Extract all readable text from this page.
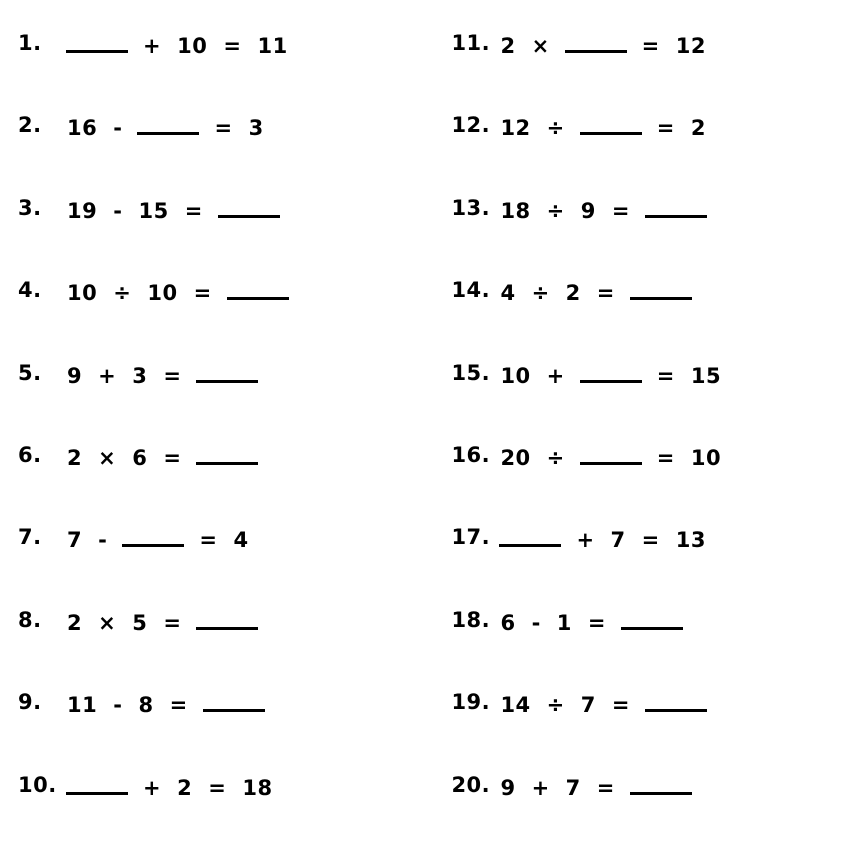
1.	+ 10 = 11
2.	16 -	= 3
3.	19 - 15 =
4.	10 ÷ 10 =
5.	9 + 3 =
6.	2 × 6 =
7.	7 -	= 4
8.	2 × 5 =
9.	11 - 8 =
10.	+ 2 = 18
11. 2 ×	= 12
12. 12 ÷	= 2
13. 18 ÷ 9 =
14. 4 ÷ 2 =
15. 10 +	= 15
16. 20 ÷	= 10
17.	+ 7 = 13
18. 6 - 1 =
19. 14 ÷ 7 =
20. 9 + 7 =
